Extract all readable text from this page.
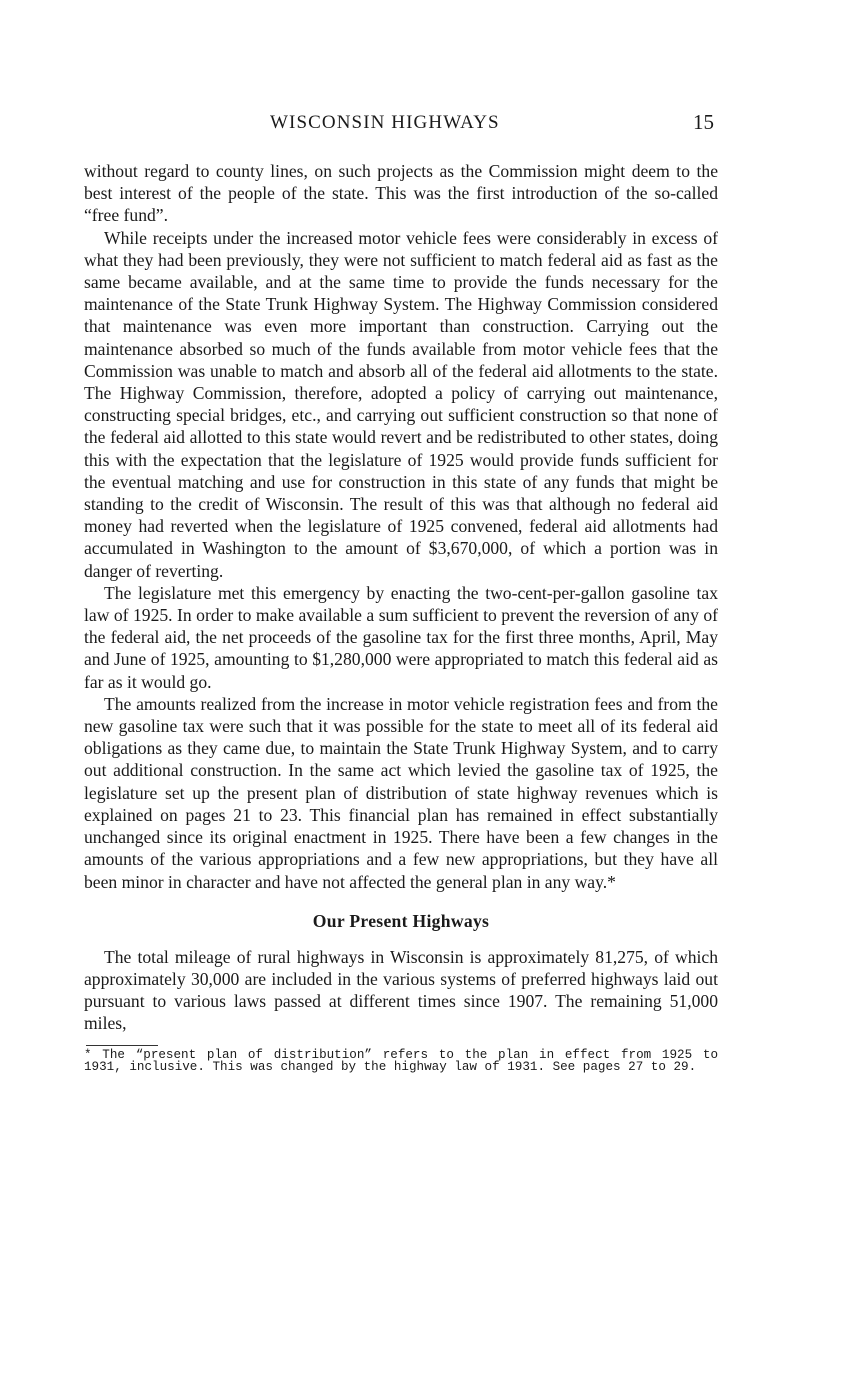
WISCONSIN HIGHWAYS	15

without regard to county lines, on such projects as the Commission might deem to the best interest of the people of the state. This was the first introduction of the so-called “free fund”.

While receipts under the increased motor vehicle fees were considerably in excess of what they had been previously, they were not sufficient to match federal aid as fast as the same became available, and at the same time to provide the funds necessary for the maintenance of the State Trunk Highway System. The Highway Commission considered that maintenance was even more important than construction. Carrying out the maintenance absorbed so much of the funds available from motor vehicle fees that the Commission was unable to match and absorb all of the federal aid allotments to the state. The Highway Commission, therefore, adopted a policy of carrying out maintenance, constructing special bridges, etc., and carrying out sufficient construction so that none of the federal aid allotted to this state would revert and be redistributed to other states, doing this with the expectation that the legislature of 1925 would provide funds sufficient for the eventual matching and use for construction in this state of any funds that might be standing to the credit of Wisconsin. The result of this was that although no federal aid money had reverted when the legislature of 1925 convened, federal aid allotments had accumulated in Washington to the amount of $3,670,000, of which a portion was in danger of reverting.

The legislature met this emergency by enacting the two-cent-per-gallon gasoline tax law of 1925. In order to make available a sum sufficient to prevent the reversion of any of the federal aid, the net proceeds of the gasoline tax for the first three months, April, May and June of 1925, amounting to $1,280,000 were appropriated to match this federal aid as far as it would go.

The amounts realized from the increase in motor vehicle registration fees and from the new gasoline tax were such that it was possible for the state to meet all of its federal aid obligations as they came due, to maintain the State Trunk Highway System, and to carry out additional construction. In the same act which levied the gasoline tax of 1925, the legislature set up the present plan of distribution of state highway revenues which is explained on pages 21 to 23. This financial plan has remained in effect substantially unchanged since its original enactment in 1925. There have been a few changes in the amounts of the various appropriations and a few new appropriations, but they have all been minor in character and have not affected the general plan in any way.*

Our Present Highways

The total mileage of rural highways in Wisconsin is approximately 81,275, of which approximately 30,000 are included in the various systems of preferred highways laid out pursuant to various laws passed at different times since 1907. The remaining 51,000 miles,

* The “present plan of distribution” refers to the plan in effect from 1925 to 1931, inclusive. This was changed by the highway law of 1931. See pages 27 to 29.
